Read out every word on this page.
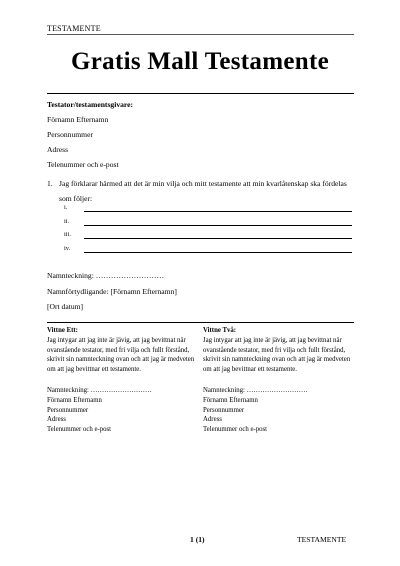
TESTAMENTE
Gratis Mall Testamente
Testator/testamentsgivare:
Förnamn Efternamn
Personnummer
Adress
Telenummer och e-post
1. Jag förklarar härmed att det är min vilja och mitt testamente att min kvarlåtenskap ska fördelas som följer:
i.
ii.
iii.
iv.
Namnteckning: ………………………
Namnförtydligande: [Förnamn Efternamn]
[Ort datum]
Vittne Ett:
Jag intygar att jag inte är jävig, att jag bevittnat när ovanstående testator, med fri vilja och fullt förstånd, skrivit sin namnteckning ovan och att jag är medveten om att jag bevittnar ett testamente.
Namnteckning: ………………………
Förnamn Efternamn
Personnummer
Adress
Telenummer och e-post
Vittne Två:
Jag intygar att jag inte är jävig, att jag bevittnat när ovanstående testator, med fri vilja och fullt förstånd, skrivit sin namnteckning ovan och att jag är medveten om att jag bevittnar ett testamente.
Namnteckning: ………………………
Förnamn Efternamn
Personnummer
Adress
Telenummer och e-post
1 (1)	TESTAMENTE
